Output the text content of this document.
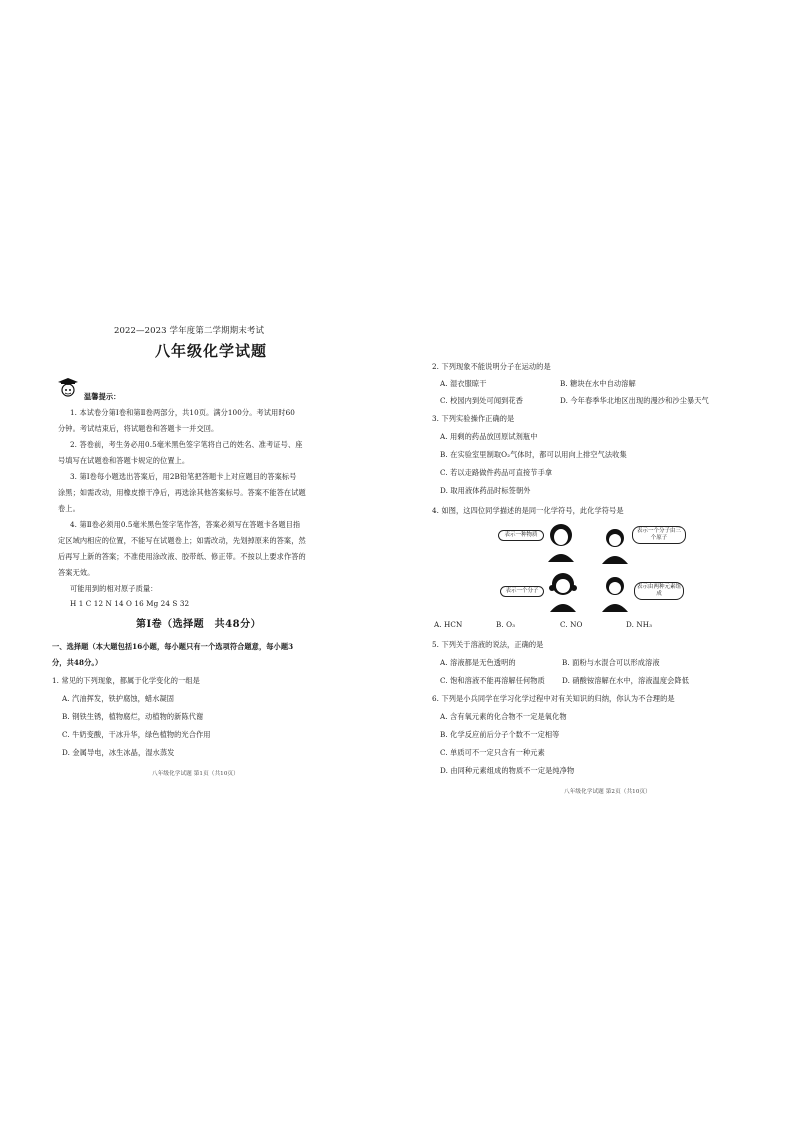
2022—2023 学年度第二学期期末考试
八年级化学试题
温馨提示：
1. 本试卷分第Ⅰ卷和第Ⅱ卷两部分，共10页。满分100分。考试用时60
分钟。考试结束后，将试题卷和答题卡一并交回。
2. 答卷前，考生务必用0.5毫米黑色签字笔将自己的姓名、准考证号、座
号填写在试题卷和答题卡规定的位置上。
3. 第Ⅰ卷每小题选出答案后，用2B铅笔把答题卡上对应题目的答案标号
涂黑；如需改动，用橡皮擦干净后，再选涂其他答案标号。答案不能答在试题
卷上。
4. 第Ⅱ卷必须用0.5毫米黑色签字笔作答，答案必须写在答题卡各题目指
定区域内相应的位置，不能写在试题卷上；如需改动，先划掉原来的答案，然
后再写上新的答案；不准使用涂改液、胶带纸、修正带。不按以上要求作答的
答案无效。
可能用到的相对原子质量：
H 1 C 12 N 14 O 16 Mg 24 S 32
第Ⅰ卷（选择题　共48分）
一、选择题（本大题包括16小题，每小题只有一个选项符合题意，每小题3
分，共48分。）
1. 常见的下列现象，都属于化学变化的一组是
A. 汽油挥发，铁护腐蚀，蜡水凝固
B. 钢铁生锈，植物腐烂，动植物的新陈代谢
C. 牛奶变酸，干冰升华，绿色植物的光合作用
D. 金属导电，冰生冰晶，湿水蒸发
八年级化学试题 第1页（共10页）
2. 下列现象不能说明分子在运动的是
A. 湿衣服晾干	B. 糖块在水中自动溶解
C. 校园内到处可闻到花香	D. 今年春季华北地区出现的漫沙和沙尘暴天气
3. 下列实验操作正确的是
A. 用剩的药品放回原试剂瓶中
B. 在实验室里制取O₂气体时，都可以用向上排空气法收集
C. 若以走路做件药品可直接节手拿
D. 取用液体药品时标签朝外
4. 如图，这四位同学描述的是同一化学符号，此化学符号是
表示一种物质
表示一个分子由三个原子
表示一个分子
表示由两种元素组成
A. HCN	B. O₃	C. NO	D. NH₃
5. 下列关于溶液的说法，正确的是
A. 溶液都是无色透明的	B. 面粉与水混合可以形成溶液
C. 饱和溶液不能再溶解任何物质 D. 硝酸铵溶解在水中，溶液温度会降低
6. 下列是小兵同学在学习化学过程中对有关知识的归纳，你认为不合理的是
A. 含有氧元素的化合物不一定是氧化物
B. 化学反应前后分子个数不一定相等
C. 单质可不一定只含有一种元素
D. 由同种元素组成的物质不一定是纯净物
八年级化学试题 第2页（共10页）
